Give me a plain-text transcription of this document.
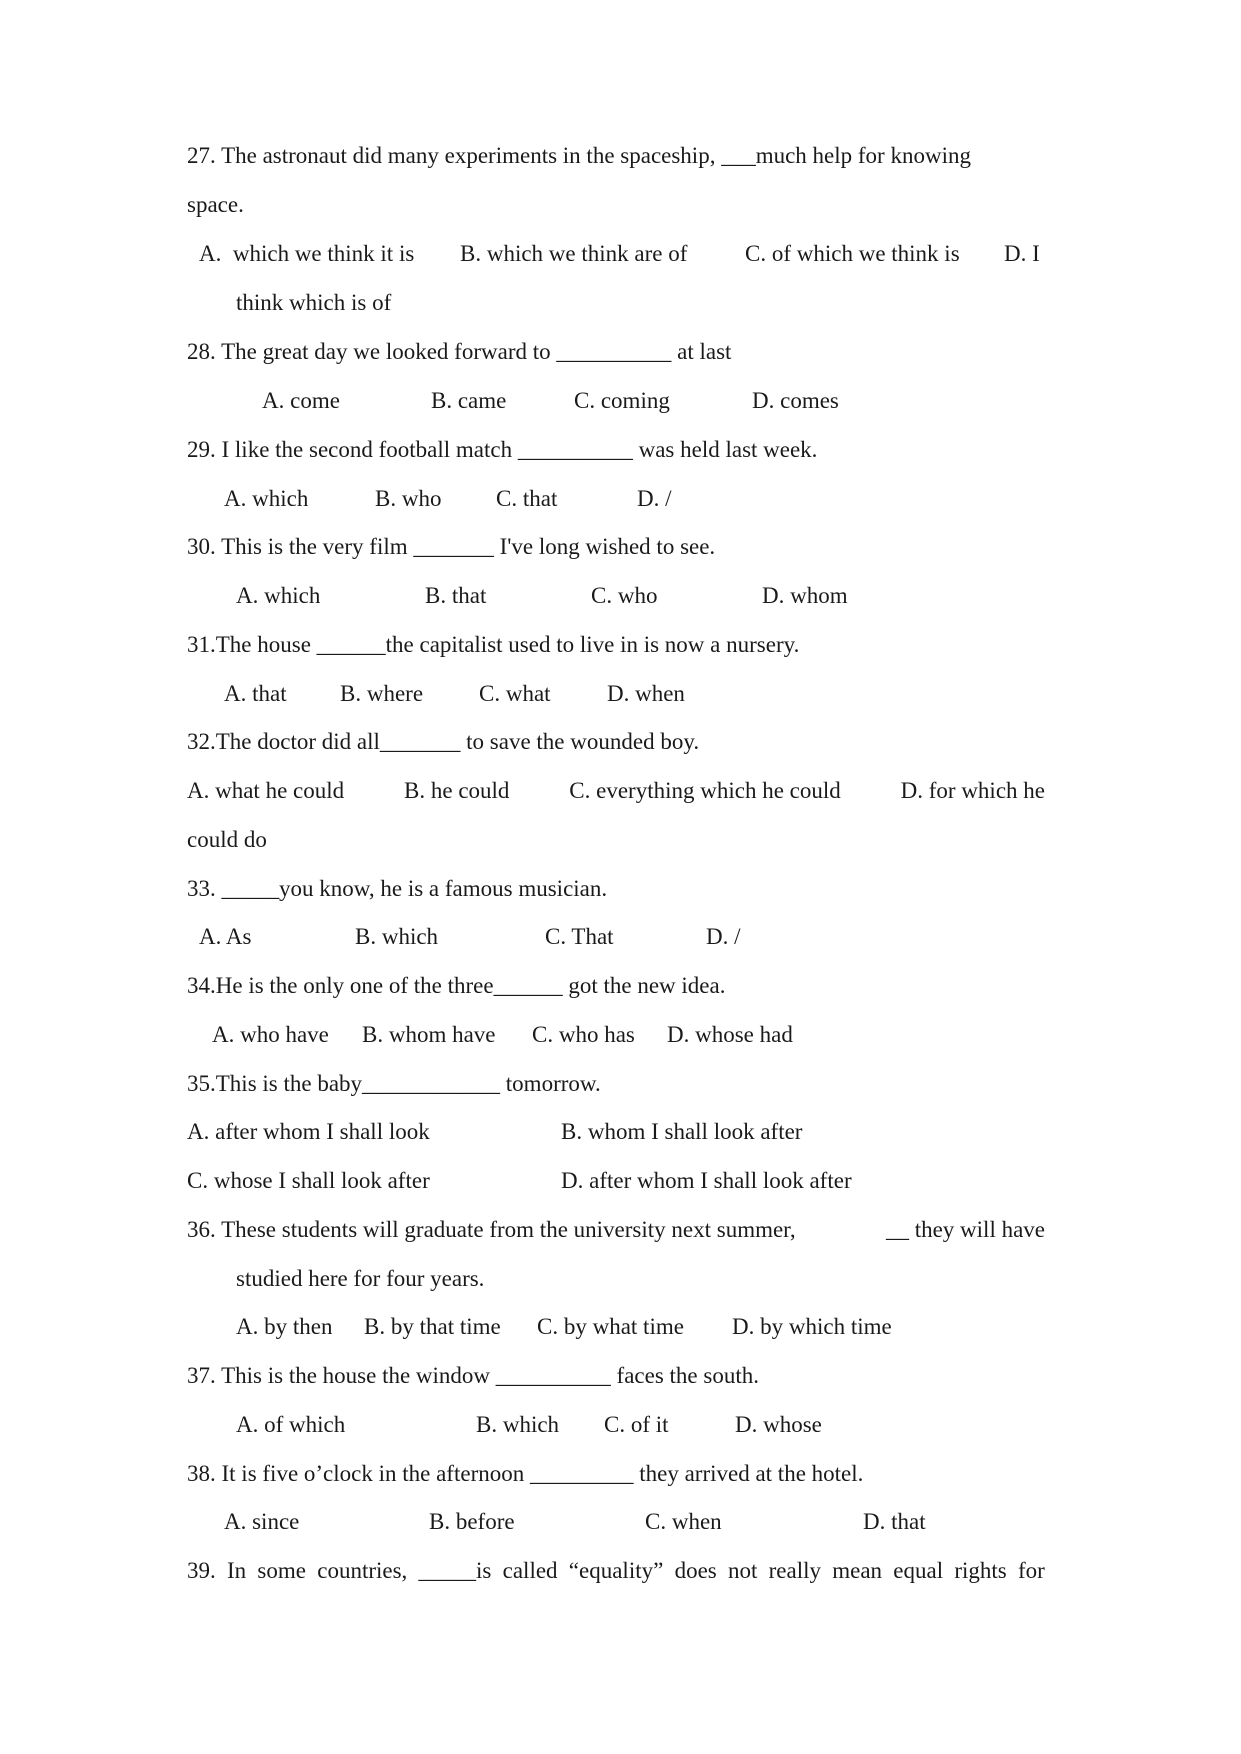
27. The astronaut did many experiments in the spaceship, ___much help for knowing
space.
A.  which we think it is B. which we think are of	C. of which we think is D. I
think which is of
28. The great day we looked forward to __________ at last
A. come	B. came	C. coming	D. comes
29. I like the second football match __________ was held last week.
A. which	B. who C. that	D. /
30. This is the very film _______ I've long wished to see.
A. which	B. that	C. who	D. whom
31.The house ______the capitalist used to live in is now a nursery.
A. that B. where C. what D. when
32.The doctor did all_______ to save the wounded boy.
A. what he could	B. he could	C. everything which he could	D. for which he
could do
33. _____you know, he is a famous musician.
A. As	B. which	C. That	D. /
34.He is the only one of the three______ got the new idea.
A. who have B. whom have C. who has D. whose had
35.This is the baby____________ tomorrow.
A. after whom I shall look	B. whom I shall look after
C. whose I shall look after	D. after whom I shall look after
36. These students will graduate from the university next summer,	__ they will have
studied here for four years.
A. by then B. by that time C. by what time D. by which time
37. This is the house the window __________ faces the south.
A. of which	B. which C. of it	D. whose
38. It is five o’clock in the afternoon _________ they arrived at the hotel.
A. since	B. before	C. when	D. that
39. In some countries, _____is called “equality” does not really mean equal rights for
